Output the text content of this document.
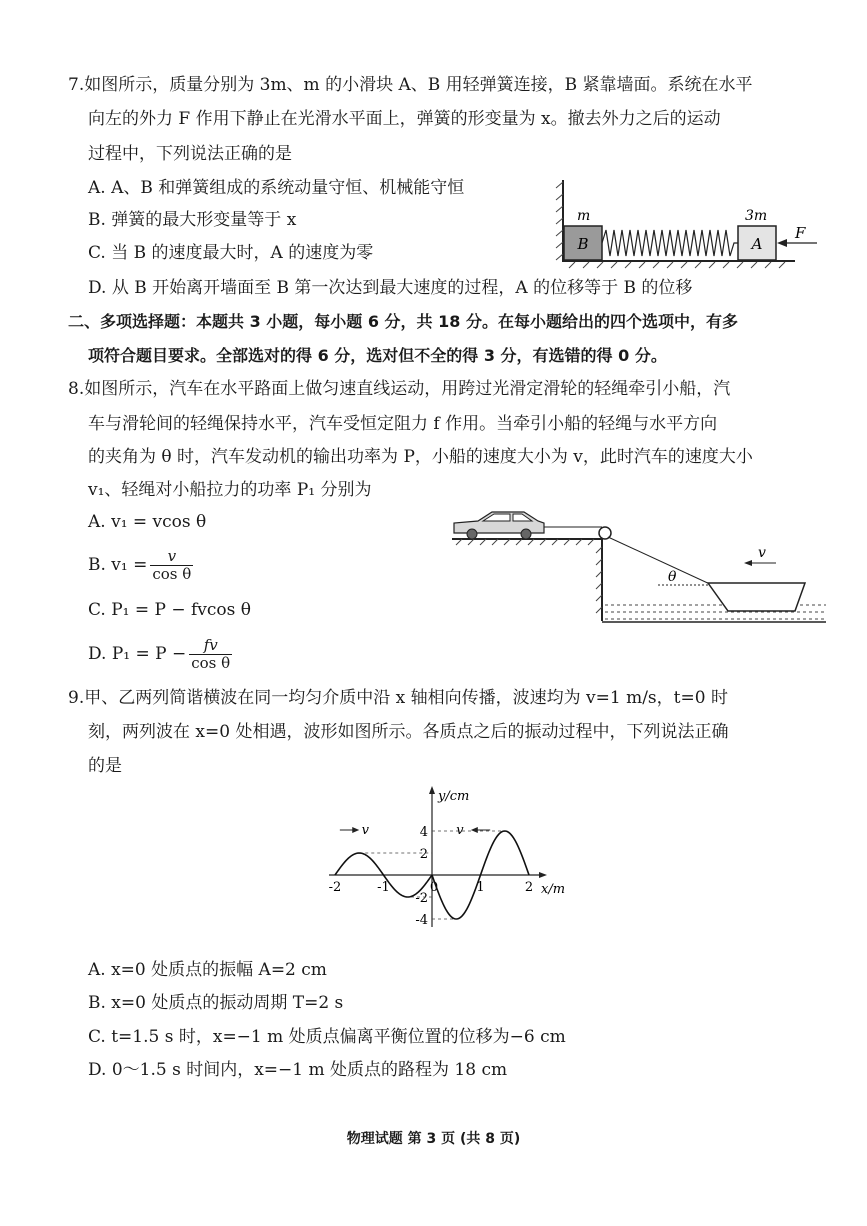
7.如图所示，质量分别为 3m、m 的小滑块 A、B 用轻弹簧连接，B 紧靠墙面。系统在水平
向左的外力 F 作用下静止在光滑水平面上，弹簧的形变量为 x。撤去外力之后的运动
过程中，下列说法正确的是
A. A、B 和弹簧组成的系统动量守恒、机械能守恒
B. 弹簧的最大形变量等于 x
C. 当 B 的速度最大时，A 的速度为零
D. 从 B 开始离开墙面至 B 第一次达到最大速度的过程，A 的位移等于 B 的位移
B
m
A
3m
F
二、多项选择题：本题共 3 小题，每小题 6 分，共 18 分。在每小题给出的四个选项中，有多
项符合题目要求。全部选对的得 6 分，选对但不全的得 3 分，有选错的得 0 分。
8.如图所示，汽车在水平路面上做匀速直线运动，用跨过光滑定滑轮的轻绳牵引小船，汽
车与滑轮间的轻绳保持水平，汽车受恒定阻力 f 作用。当牵引小船的轻绳与水平方向
的夹角为 θ 时，汽车发动机的输出功率为 P，小船的速度大小为 v，此时汽车的速度大小
v₁、轻绳对小船拉力的功率 P₁ 分别为
A. v₁ = vcos θ
B. $v_1 = \frac{v}{\text{cos θ}}$
C. P₁ = P − fvcos θ
D. $P_1 = P - \frac{fv}{\text{cos θ}}$
θ
v
9.甲、乙两列简谐横波在同一均匀介质中沿 x 轴相向传播，波速均为 v=1 m/s，t=0 时
刻，两列波在 x=0 处相遇，波形如图所示。各质点之后的振动过程中，下列说法正确
的是
y/cm
x/m
-2	-1	0	1	2
4
2
-2
-4
v	v
A. x=0 处质点的振幅 A=2 cm
B. x=0 处质点的振动周期 T=2 s
C. t=1.5 s 时，x=−1 m 处质点偏离平衡位置的位移为−6 cm
D. 0～1.5 s 时间内，x=−1 m 处质点的路程为 18 cm
物理试题 第 3 页 (共 8 页)
